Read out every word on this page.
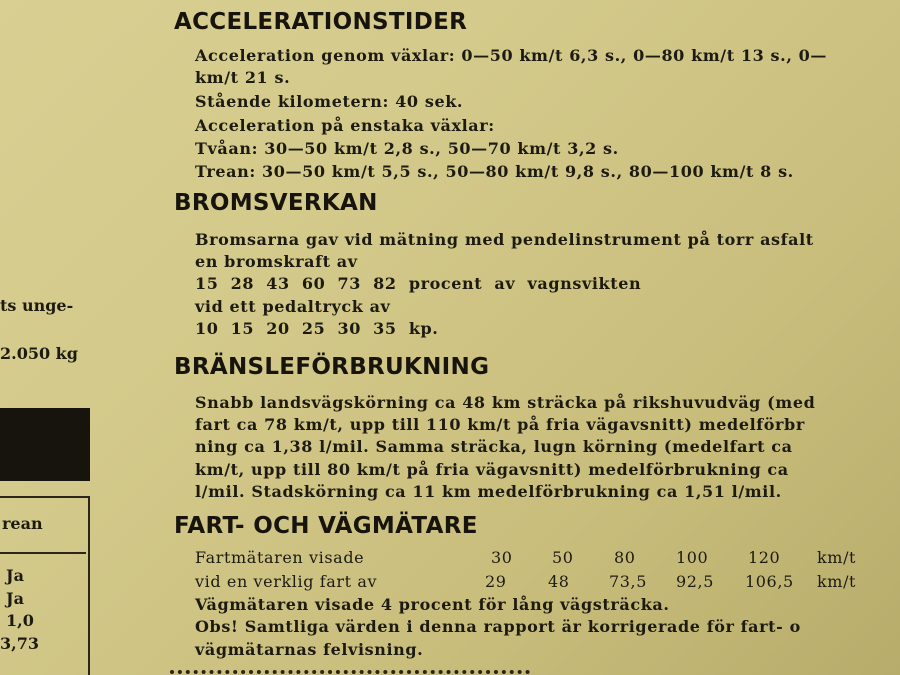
ts unge-
2.050 kg
rean
Ja
Ja
1,0
3,73
ACCELERATIONSTIDER
Acceleration genom växlar: 0—50 km/t 6,3 s., 0—80 km/t 13 s., 0—
km/t 21 s.
Stående kilometern: 40 sek.
Acceleration på enstaka växlar:
Tvåan: 30—50 km/t 2,8 s., 50—70 km/t 3,2 s.
Trean: 30—50 km/t 5,5 s., 50—80 km/t 9,8 s., 80—100 km/t 8 s.
BROMSVERKAN
Bromsarna gav vid mätning med pendelinstrument på torr asfalt
en bromskraft av
15 28 43 60 73 82 procent av vagnsvikten
vid ett pedaltryck av
10 15 20 25 30 35 kp.
BRÄNSLEFÖRBRUKNING
Snabb landsvägskörning ca 48 km sträcka på rikshuvudväg (med
fart ca 78 km/t, upp till 110 km/t på fria vägavsnitt) medelförbr
ning ca 1,38 l/mil. Samma sträcka, lugn körning (medelfart ca
km/t, upp till 80 km/t på fria vägavsnitt) medelförbrukning ca
l/mil. Stadskörning ca 11 km medelförbrukning ca 1,51 l/mil.
FART- OCH VÄGMÄTARE
Fartmätaren visade	30 50	80	100 120 km/t
vid en verklig fart av	29	48 73,5 92,5 106,5 km/t
Vägmätaren visade 4 procent för lång vägsträcka.
Obs! Samtliga värden i denna rapport är korrigerade för fart- o
vägmätarnas felvisning.
